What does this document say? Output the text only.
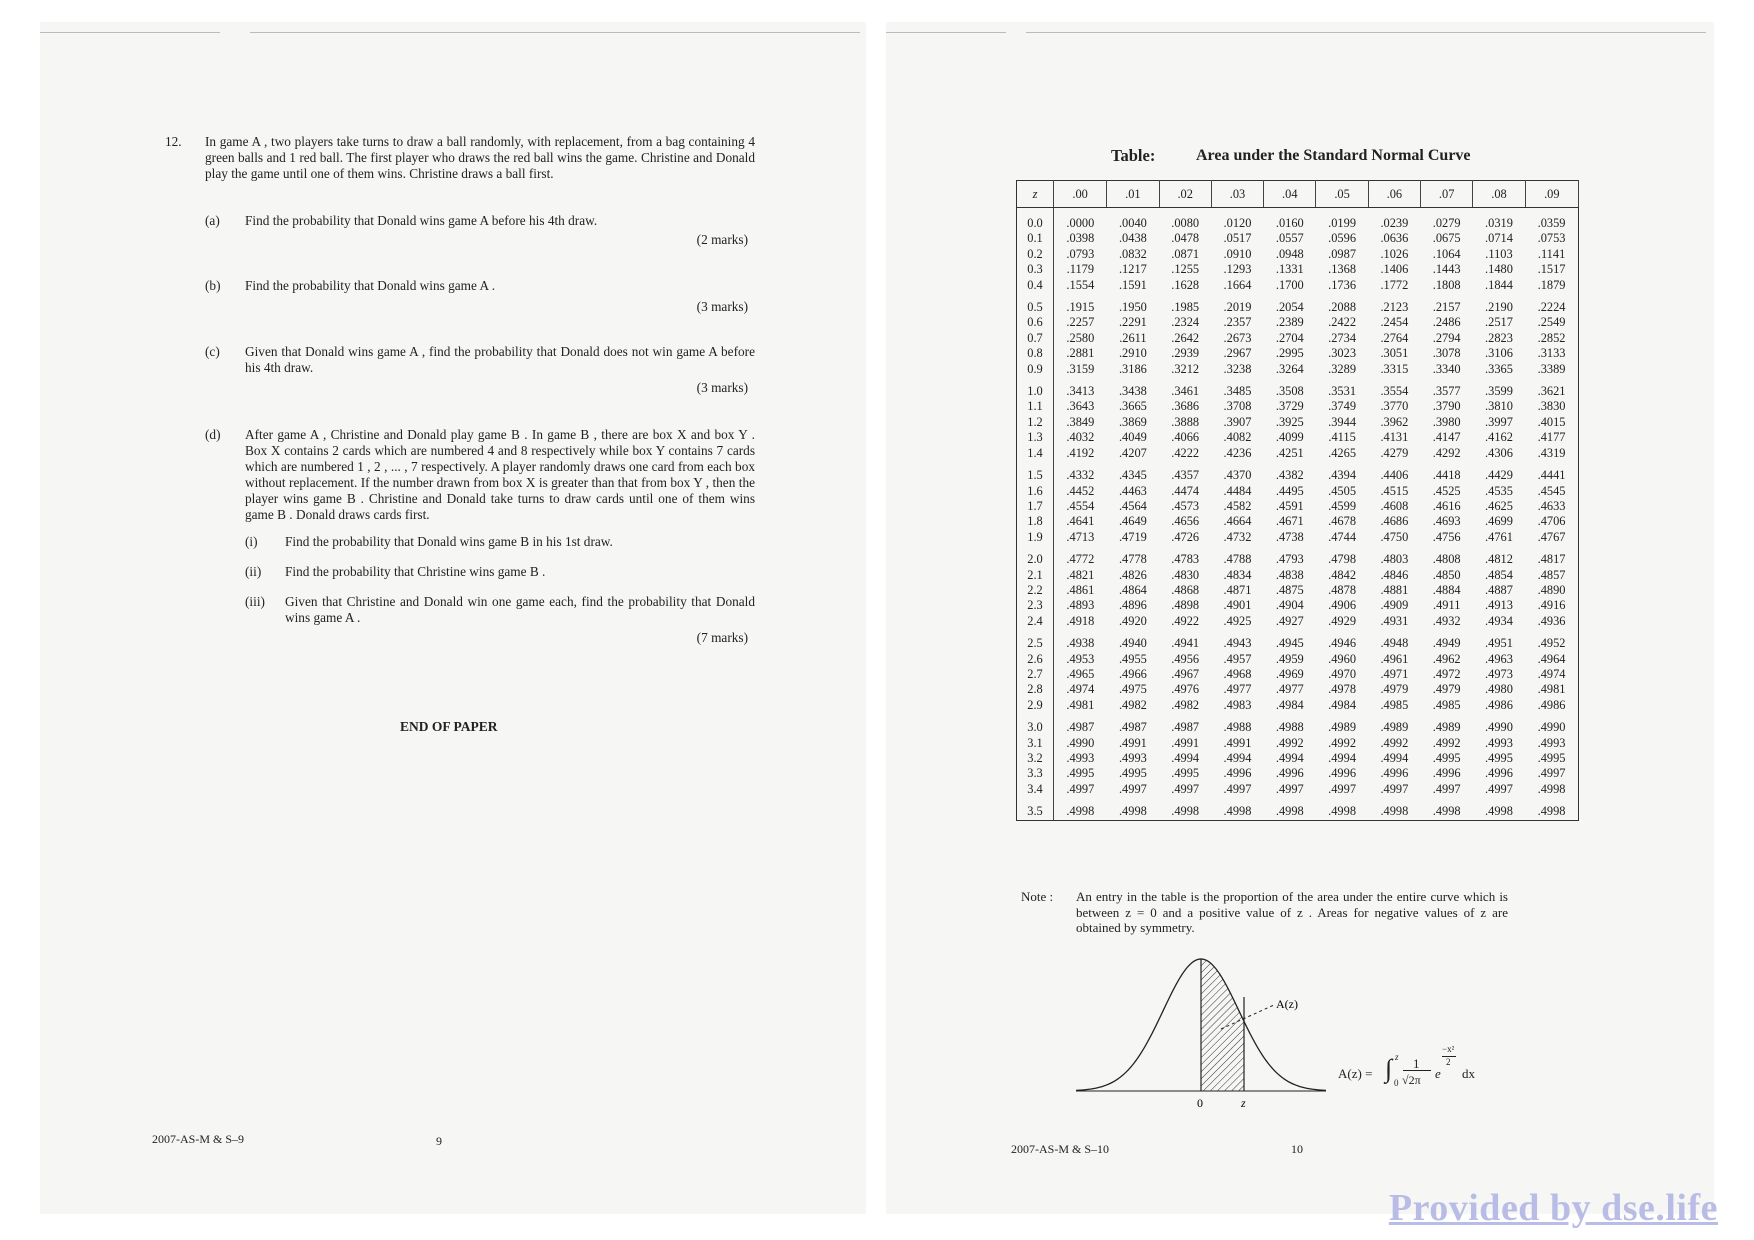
12. In game A , two players take turns to draw a ball randomly, with replacement, from a bag containing 4 green balls and 1 red ball. The first player who draws the red ball wins the game. Christine and Donald play the game until one of them wins. Christine draws a ball first.
(a) Find the probability that Donald wins game A before his 4th draw.
(2 marks)
(b) Find the probability that Donald wins game A .
(3 marks)
(c) Given that Donald wins game A , find the probability that Donald does not win game A before his 4th draw.
(3 marks)
(d) After game A , Christine and Donald play game B . In game B , there are box X and box Y . Box X contains 2 cards which are numbered 4 and 8 respectively while box Y contains 7 cards which are numbered 1 , 2 , ... , 7 respectively. A player randomly draws one card from each box without replacement. If the number drawn from box X is greater than that from box Y , then the player wins game B . Christine and Donald take turns to draw cards until one of them wins game B . Donald draws cards first.
(i) Find the probability that Donald wins game B in his 1st draw.
(ii) Find the probability that Christine wins game B .
(iii) Given that Christine and Donald win one game each, find the probability that Donald wins game A .
(7 marks)
END OF PAPER
2007-AS-M & S–9	9
Table:	Area under the Standard Normal Curve
z	.00	.01	.02	.03	.04	.05	.06	.07	.08	.09
0.0	.0000	.0040	.0080	.0120	.0160	.0199	.0239	.0279	.0319	.0359
0.1	.0398	.0438	.0478	.0517	.0557	.0596	.0636	.0675	.0714	.0753
0.2	.0793	.0832	.0871	.0910	.0948	.0987	.1026	.1064	.1103	.1141
0.3	.1179	.1217	.1255	.1293	.1331	.1368	.1406	.1443	.1480	.1517
0.4	.1554	.1591	.1628	.1664	.1700	.1736	.1772	.1808	.1844	.1879
0.5	.1915	.1950	.1985	.2019	.2054	.2088	.2123	.2157	.2190	.2224
0.6	.2257	.2291	.2324	.2357	.2389	.2422	.2454	.2486	.2517	.2549
0.7	.2580	.2611	.2642	.2673	.2704	.2734	.2764	.2794	.2823	.2852
0.8	.2881	.2910	.2939	.2967	.2995	.3023	.3051	.3078	.3106	.3133
0.9	.3159	.3186	.3212	.3238	.3264	.3289	.3315	.3340	.3365	.3389
1.0	.3413	.3438	.3461	.3485	.3508	.3531	.3554	.3577	.3599	.3621
1.1	.3643	.3665	.3686	.3708	.3729	.3749	.3770	.3790	.3810	.3830
1.2	.3849	.3869	.3888	.3907	.3925	.3944	.3962	.3980	.3997	.4015
1.3	.4032	.4049	.4066	.4082	.4099	.4115	.4131	.4147	.4162	.4177
1.4	.4192	.4207	.4222	.4236	.4251	.4265	.4279	.4292	.4306	.4319
1.5	.4332	.4345	.4357	.4370	.4382	.4394	.4406	.4418	.4429	.4441
1.6	.4452	.4463	.4474	.4484	.4495	.4505	.4515	.4525	.4535	.4545
1.7	.4554	.4564	.4573	.4582	.4591	.4599	.4608	.4616	.4625	.4633
1.8	.4641	.4649	.4656	.4664	.4671	.4678	.4686	.4693	.4699	.4706
1.9	.4713	.4719	.4726	.4732	.4738	.4744	.4750	.4756	.4761	.4767
2.0	.4772	.4778	.4783	.4788	.4793	.4798	.4803	.4808	.4812	.4817
2.1	.4821	.4826	.4830	.4834	.4838	.4842	.4846	.4850	.4854	.4857
2.2	.4861	.4864	.4868	.4871	.4875	.4878	.4881	.4884	.4887	.4890
2.3	.4893	.4896	.4898	.4901	.4904	.4906	.4909	.4911	.4913	.4916
2.4	.4918	.4920	.4922	.4925	.4927	.4929	.4931	.4932	.4934	.4936
2.5	.4938	.4940	.4941	.4943	.4945	.4946	.4948	.4949	.4951	.4952
2.6	.4953	.4955	.4956	.4957	.4959	.4960	.4961	.4962	.4963	.4964
2.7	.4965	.4966	.4967	.4968	.4969	.4970	.4971	.4972	.4973	.4974
2.8	.4974	.4975	.4976	.4977	.4977	.4978	.4979	.4979	.4980	.4981
2.9	.4981	.4982	.4982	.4983	.4984	.4984	.4985	.4985	.4986	.4986
3.0	.4987	.4987	.4987	.4988	.4988	.4989	.4989	.4989	.4990	.4990
3.1	.4990	.4991	.4991	.4991	.4992	.4992	.4992	.4992	.4993	.4993
3.2	.4993	.4993	.4994	.4994	.4994	.4994	.4994	.4995	.4995	.4995
3.3	.4995	.4995	.4995	.4996	.4996	.4996	.4996	.4996	.4996	.4997
3.4	.4997	.4997	.4997	.4997	.4997	.4997	.4997	.4997	.4997	.4998
3.5	.4998	.4998	.4998	.4998	.4998	.4998	.4998	.4998	.4998	.4998
Note : An entry in the table is the proportion of the area under the entire curve which is between z = 0 and a positive value of z . Areas for negative values of z are obtained by symmetry.
A(z)
0	z
A(z) = ∫ z
0
1
√2π e
−x²
2
dx
2007-AS-M & S–10	10
Provided by dse.life
